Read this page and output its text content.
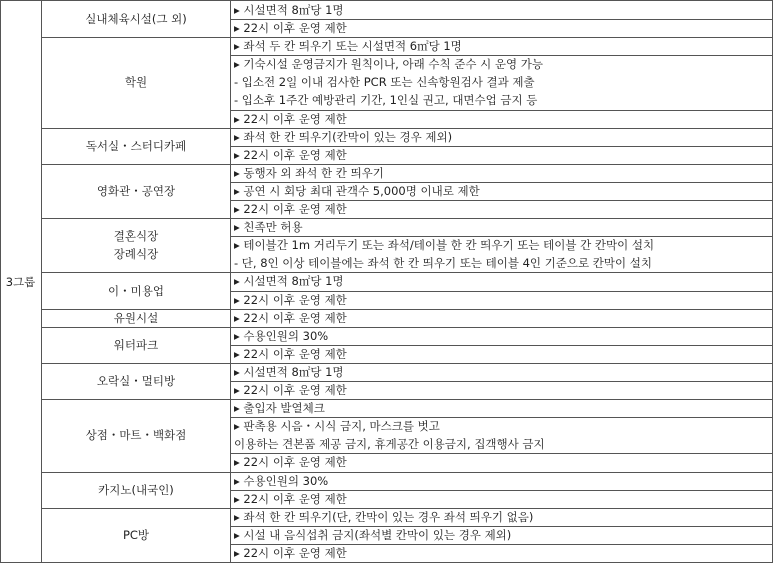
3그룹
실내체육시설(그 외)
▸ 시설면적 8㎡당 1명
▸ 22시 이후 운영 제한
학원
▸ 좌석 두 칸 띄우기 또는 시설면적 6㎡당 1명
▸ 기숙시설 운영금지가 원칙이나, 아래 수칙 준수 시 운영 가능
- 입소전 2일 이내 검사한 PCR 또는 신속항원검사 결과 제출
- 입소후 1주간 예방관리 기간, 1인실 권고, 대면수업 금지 등
▸ 22시 이후 운영 제한
독서실・스터디카페
▸ 좌석 한 칸 띄우기(칸막이 있는 경우 제외)
▸ 22시 이후 운영 제한
영화관・공연장
▸ 동행자 외 좌석 한 칸 띄우기
▸ 공연 시 회당 최대 관객수 5,000명 이내로 제한
▸ 22시 이후 운영 제한
결혼식장
장례식장
▸ 친족만 허용
▸ 테이블간 1m 거리두기 또는 좌석/테이블 한 칸 띄우기 또는 테이블 간 칸막이 설치
- 단, 8인 이상 테이블에는 좌석 한 칸 띄우기 또는 테이블 4인 기준으로 칸막이 설치
이・미용업
▸ 시설면적 8㎡당 1명
▸ 22시 이후 운영 제한
유원시설	▸ 22시 이후 운영 제한
워터파크
▸ 수용인원의 30%
▸ 22시 이후 운영 제한
오락실・멀티방
▸ 시설면적 8㎡당 1명
▸ 22시 이후 운영 제한
상점・마트・백화점
▸ 출입자 발열체크
▸ 판촉용 시음・시식 금지, 마스크를 벗고
이용하는 견본품 제공 금지, 휴게공간 이용금지, 집객행사 금지
▸ 22시 이후 운영 제한
카지노(내국인)
▸ 수용인원의 30%
▸ 22시 이후 운영 제한
PC방
▸ 좌석 한 칸 띄우기(단, 칸막이 있는 경우 좌석 띄우기 없음)
▸ 시설 내 음식섭취 금지(좌석별 칸막이 있는 경우 제외)
▸ 22시 이후 운영 제한
